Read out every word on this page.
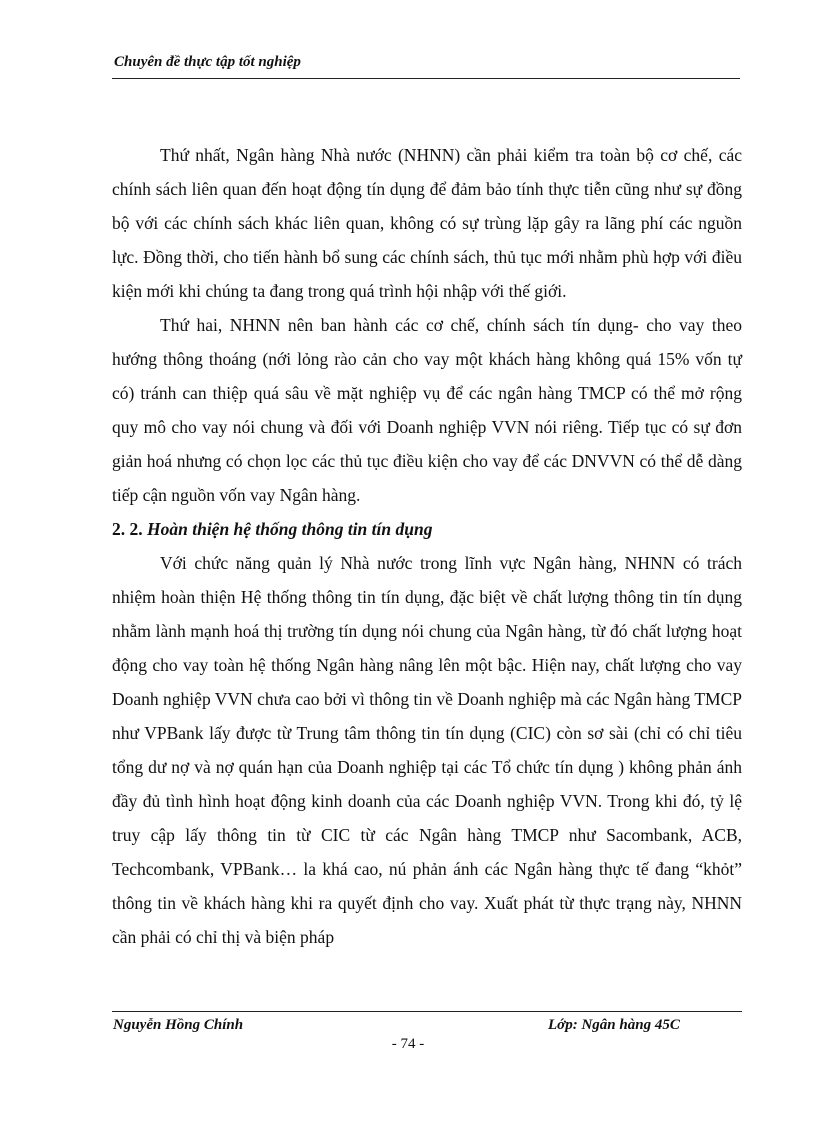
Chuyên đề thực tập tốt nghiệp

Thứ nhất, Ngân hàng Nhà nước (NHNN) cần phải kiểm tra toàn bộ cơ chế, các chính sách liên quan đến hoạt động tín dụng để đảm bảo tính thực tiễn cũng như sự đồng bộ với các chính sách khác liên quan, không có sự trùng lặp gây ra lãng phí các nguồn lực. Đồng thời, cho tiến hành bổ sung các chính sách, thủ tục mới nhằm phù hợp với điều kiện mới khi chúng ta đang trong quá trình hội nhập với thế giới.

Thứ hai, NHNN nên ban hành các cơ chế, chính sách tín dụng- cho vay theo hướng thông thoáng (nới lỏng rào cản cho vay một khách hàng không quá 15% vốn tự có) tránh can thiệp quá sâu về mặt nghiệp vụ để các ngân hàng TMCP có thể mở rộng quy mô cho vay nói chung và đối với Doanh nghiệp VVN nói riêng. Tiếp tục có sự đơn giản hoá nhưng có chọn lọc các thủ tục điều kiện cho vay để các DNVVN có thể dễ dàng tiếp cận nguồn vốn vay Ngân hàng.

2. 2. Hoàn thiện hệ thống thông tin tín dụng

Với chức năng quản lý Nhà nước trong lĩnh vực Ngân hàng, NHNN có trách nhiệm hoàn thiện Hệ thống thông tin tín dụng, đặc biệt về chất lượng thông tin tín dụng nhằm lành mạnh hoá thị trường tín dụng nói chung của Ngân hàng, từ đó chất lượng hoạt động cho vay toàn hệ thống Ngân hàng nâng lên một bậc. Hiện nay, chất lượng cho vay Doanh nghiệp VVN chưa cao bởi vì thông tin về Doanh nghiệp mà các Ngân hàng TMCP như VPBank lấy được từ Trung tâm thông tin tín dụng (CIC) còn sơ sài (chỉ có chỉ tiêu tổng dư nợ và nợ quán hạn của Doanh nghiệp tại các Tổ chức tín dụng ) không phản ánh đầy đủ tình hình hoạt động kinh doanh của các Doanh nghiệp VVN. Trong khi đó, tỷ lệ truy cập lấy thông tin từ CIC từ các Ngân hàng TMCP như Sacombank, ACB, Techcombank, VPBank… la khá cao, nú phản ánh các Ngân hàng thực tế đang “khỏt” thông tin về khách hàng khi ra quyết định cho vay. Xuất phát từ thực trạng này, NHNN cần phải có chỉ thị và biện pháp

Nguyễn Hồng Chính	Lớp: Ngân hàng 45C
- 74 -
